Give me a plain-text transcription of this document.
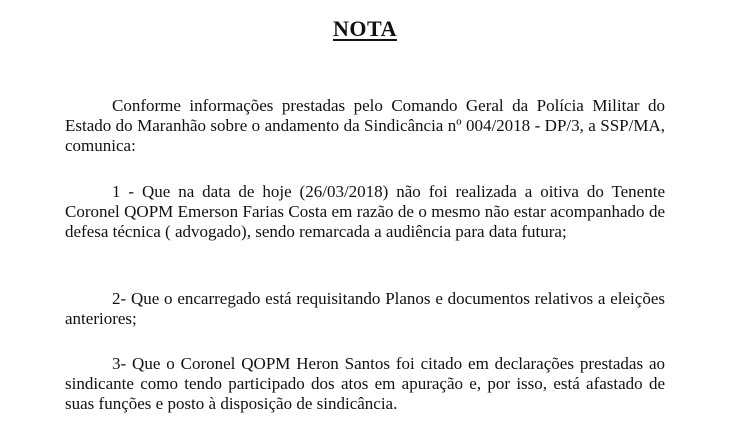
NOTA

Conforme informações prestadas pelo Comando Geral da Polícia Militar do Estado do Maranhão sobre o andamento da Sindicância nº 004/2018 - DP/3, a SSP/MA, comunica:

1 - Que na data de hoje (26/03/2018) não foi realizada a oitiva do Tenente Coronel QOPM Emerson Farias Costa em razão de o mesmo não estar acompanhado de defesa técnica ( advogado), sendo remarcada a audiência para data futura;

2- Que o encarregado está requisitando Planos e documentos relativos a eleições anteriores;

3- Que o Coronel QOPM Heron Santos foi citado em declarações prestadas ao sindicante como tendo participado dos atos em apuração e, por isso, está afastado de suas funções e posto à disposição de sindicância.
